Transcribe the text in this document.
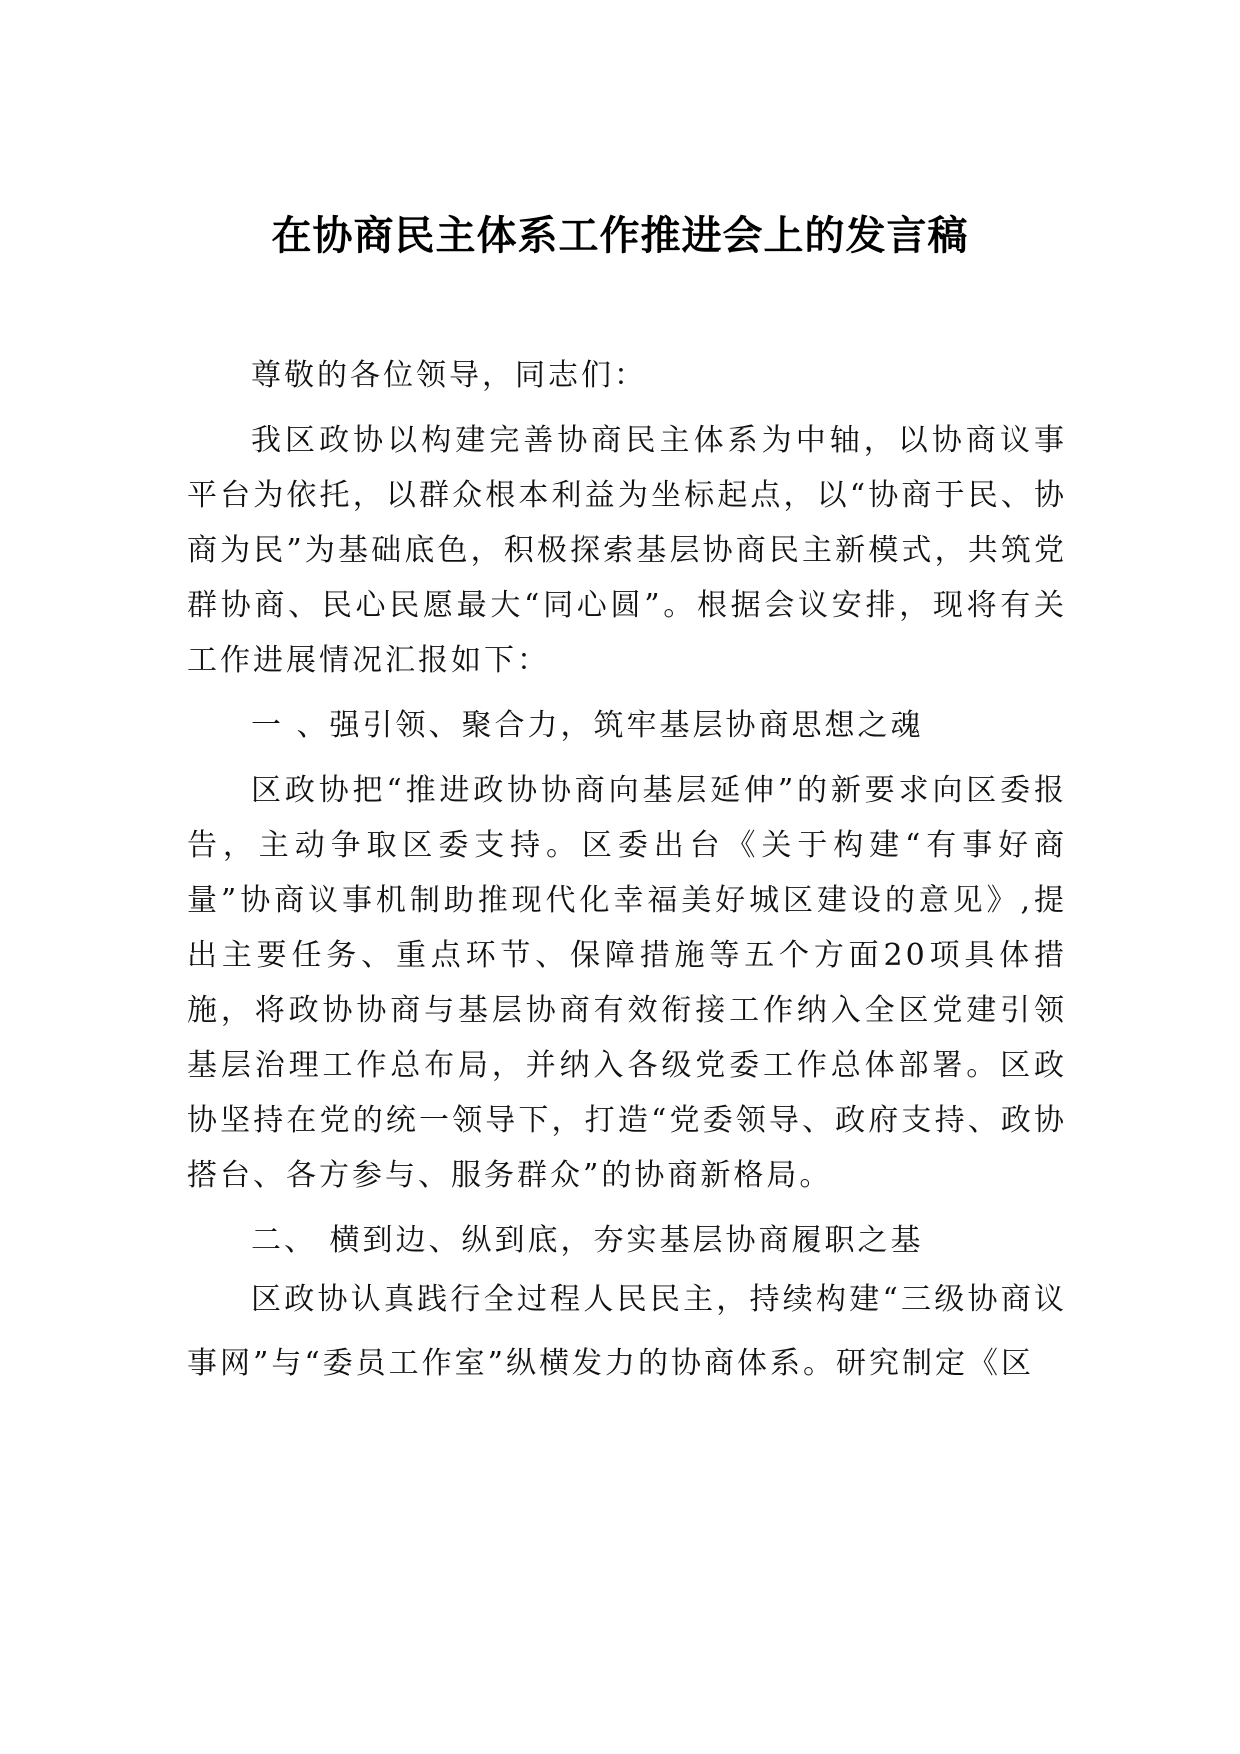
在协商民主体系工作推进会上的发言稿

尊敬的各位领导，同志们：

我区政协以构建完善协商民主体系为中轴，以协商议事平台为依托，以群众根本利益为坐标起点，以“协商于民、协商为民”为基础底色，积极探索基层协商民主新模式，共筑党群协商、民心民愿最大“同心圆”。根据会议安排，现将有关工作进展情况汇报如下：

一 、强引领、聚合力，筑牢基层协商思想之魂

区政协把“推进政协协商向基层延伸”的新要求向区委报告，主动争取区委支持。区委出台《关于构建“有事好商量”协商议事机制助推现代化幸福美好城区建设的意见》,提出主要任务、重点环节、保障措施等五个方面20项具体措施，将政协协商与基层协商有效衔接工作纳入全区党建引领基层治理工作总布局，并纳入各级党委工作总体部署。区政协坚持在党的统一领导下，打造“党委领导、政府支持、政协搭台、各方参与、服务群众”的协商新格局。

二、 横到边、纵到底，夯实基层协商履职之基

区政协认真践行全过程人民民主，持续构建“三级协商议事网”与“委员工作室”纵横发力的协商体系。研究制定《区
